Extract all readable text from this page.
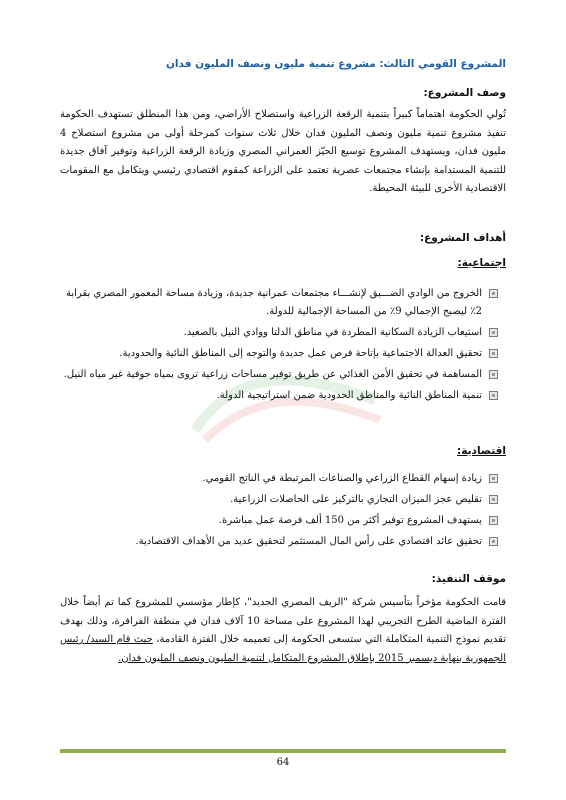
المشروع القومي الثالث: مشروع تنمية مليون ونصف المليون فدان
وصف المشروع:
تُولي الحكومة اهتماماً كبيراً بتنمية الرقعة الزراعية واستصلاح الأراضي، ومن هذا المنطلق تستهدف الحكومة تنفيذ مشروع تنمية مليون ونصف المليون فدان خلال ثلاث سنوات كمرحلة أولى من مشروع استصلاح 4 مليون فدان، ويستهدف المشروع توسيع الحيّز العمراني المصري وزيادة الرقعة الزراعية وتوفير آفاق جديدة للتنمية المستدامة بإنشاء مجتمعات عصرية تعتمد على الزراعة كمقوم اقتصادي رئيسي ويتكامل مع المقومات الاقتصادية الأخرى للبيئة المحيطة.
أهداف المشروع:
اجتماعية:
الخروج من الوادي الضـــيق لإنشـــاء مجتمعات عمرانية جديدة، وزيادة مساحة المعمور المصري بقرابة 2٪ ليصبح الإجمالي 9٪ من المساحة الإجمالية للدولة.
استيعاب الزيادة السكانية المطردة في مناطق الدلتا ووادي النيل بالصعيد.
تحقيق العدالة الاجتماعية بإتاحة فرص عمل جديدة والتوجه إلى المناطق النائية والحدودية.
المساهمة في تحقيق الأمن الغذائي عن طريق توفير مساحات زراعية تروى بمياه جوفية غير مياه النيل.
تنمية المناطق النائية والمناطق الحدودية ضمن استراتيجية الدولة.
اقتصادية:
زيادة إسهام القطاع الزراعي والصناعات المرتبطة في الناتج القومي.
تقليص عجز الميزان التجاري بالتركيز على الحاصلات الزراعية.
يستهدف المشروع توفير أكثر من 150 ألف فرصة عمل مباشرة.
تحقيق عائد اقتصادي على رأس المال المستثمر لتحقيق عديد من الأهداف الاقتصادية.
موقف التنفيذ:
قامت الحكومة مؤخراً بتأسيس شركة "الريف المصري الجديد"، كإطار مؤسسي للمشروع كما تم أيضاً خلال الفترة الماضية الطرح التجريبي لهذا المشروع على مساحة 10 آلاف فدان في منطقة الفرافرة، وذلك بهدف تقديم نموذج التنمية المتكاملة التي ستسعى الحكومة إلى تعميمه خلال الفترة القادمة، حيث قام السيد/ رئيس الجمهورية بنهاية ديسمبر 2015 بإطلاق المشروع المتكامل لتنمية المليون ونصف المليون فدان.
64
